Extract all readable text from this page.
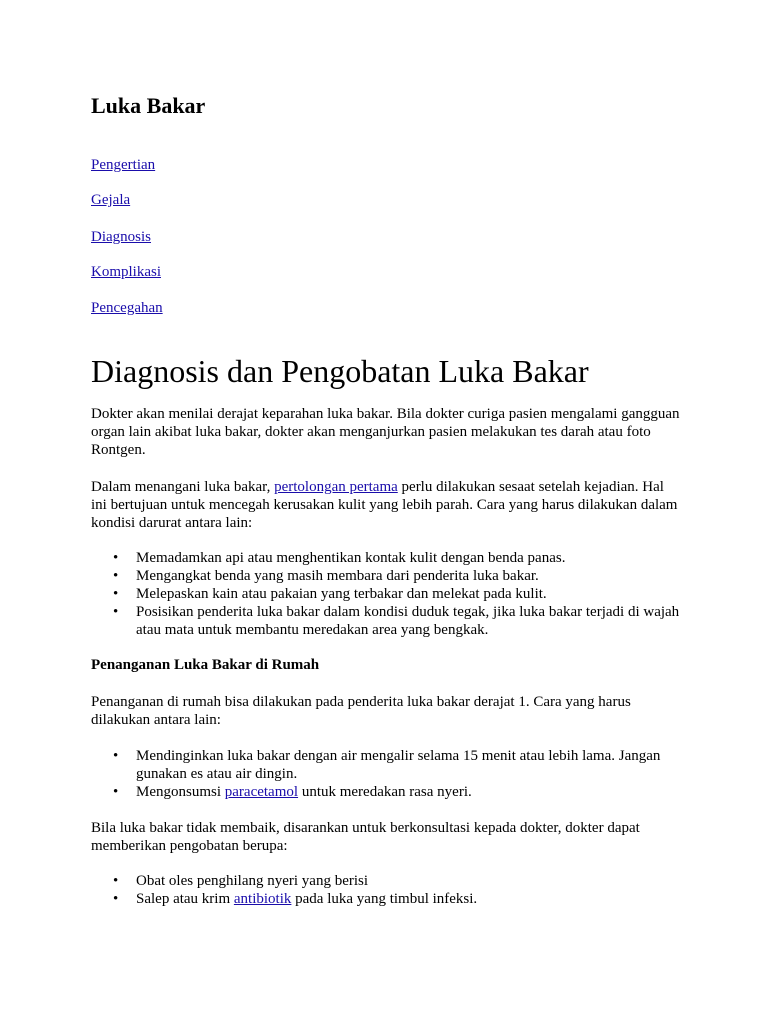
Luka Bakar
Pengertian
Gejala
Diagnosis
Komplikasi
Pencegahan
Diagnosis dan Pengobatan Luka Bakar

Dokter akan menilai derajat keparahan luka bakar. Bila dokter curiga pasien mengalami gangguan organ lain akibat luka bakar, dokter akan menganjurkan pasien melakukan tes darah atau foto Rontgen.

Dalam menangani luka bakar, pertolongan pertama perlu dilakukan sesaat setelah kejadian. Hal ini bertujuan untuk mencegah kerusakan kulit yang lebih parah. Cara yang harus dilakukan dalam kondisi darurat antara lain:

• Memadamkan api atau menghentikan kontak kulit dengan benda panas.
• Mengangkat benda yang masih membara dari penderita luka bakar.
• Melepaskan kain atau pakaian yang terbakar dan melekat pada kulit.
• Posisikan penderita luka bakar dalam kondisi duduk tegak, jika luka bakar terjadi di wajah atau mata untuk membantu meredakan area yang bengkak.
Penanganan Luka Bakar di Rumah

Penanganan di rumah bisa dilakukan pada penderita luka bakar derajat 1. Cara yang harus dilakukan antara lain:

• Mendinginkan luka bakar dengan air mengalir selama 15 menit atau lebih lama. Jangan gunakan es atau air dingin.
• Mengonsumsi paracetamol untuk meredakan rasa nyeri.

Bila luka bakar tidak membaik, disarankan untuk berkonsultasi kepada dokter, dokter dapat memberikan pengobatan berupa:

• Obat oles penghilang nyeri yang berisi
• Salep atau krim antibiotik pada luka yang timbul infeksi.
